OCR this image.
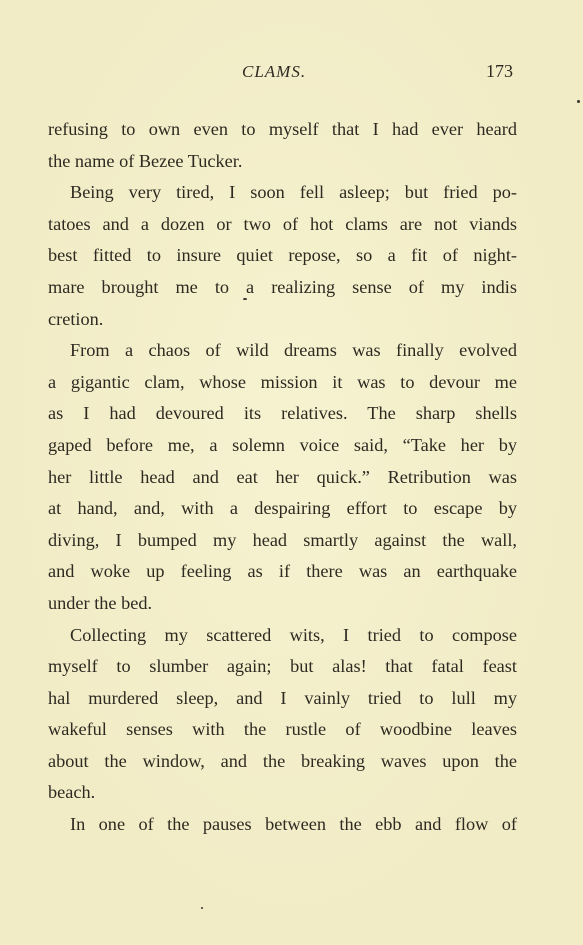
CLAMS.	173
refusing to own even to myself that I had ever heard
the name of Bezee Tucker.
Being very tired, I soon fell asleep; but fried po-
tatoes and a dozen or two of hot clams are not viands
best fitted to insure quiet repose, so a fit of night-
mare brought me to a realizing sense of my indis
cretion.
From a chaos of wild dreams was finally evolved
a gigantic clam, whose mission it was to devour me
as I had devoured its relatives. The sharp shells
gaped before me, a solemn voice said, “Take her by
her little head and eat her quick.” Retribution was
at hand, and, with a despairing effort to escape by
diving, I bumped my head smartly against the wall,
and woke up feeling as if there was an earthquake
under the bed.
Collecting my scattered wits, I tried to compose
myself to slumber again; but alas! that fatal feast
hal murdered sleep, and I vainly tried to lull my
wakeful senses with the rustle of woodbine leaves
about the window, and the breaking waves upon the
beach.
In one of the pauses between the ebb and flow of
